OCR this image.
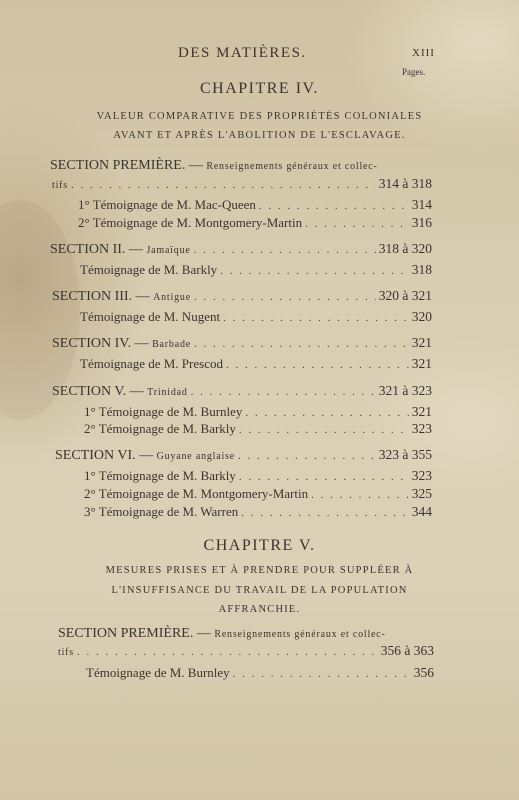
DES MATIÈRES.	XIII
Pages.
CHAPITRE IV.
VALEUR COMPARATIVE DES PROPRIÉTÉS COLONIALES
AVANT ET APRÈS L'ABOLITION DE L'ESCLAVAGE.
SECTION PREMIÈRE. — Renseignements généraux et collec-
tifs . . .	314 à 318
1° Témoignage de M. Mac-Queen . . .	314
2° Témoignage de M. Montgomery-Martin . . .	316
SECTION II. — Jamaïque . . .	318 à 320
Témoignage de M. Barkly . . .	318
SECTION III. — Antigue . . .	320 à 321
Témoignage de M. Nugent . . .	320
SECTION IV. — Barbade . . .	321
Témoignage de M. Prescod . . .	321
SECTION V. — Trinidad . . .	321 à 323
1° Témoignage de M. Burnley . . .	321
2° Témoignage de M. Barkly . . .	323
SECTION VI. — Guyane anglaise . . .	323 à 355
1° Témoignage de M. Barkly . . .	323
2° Témoignage de M. Montgomery-Martin . . .	325
3° Témoignage de M. Warren . . .	344
CHAPITRE V.
MESURES PRISES ET À PRENDRE POUR SUPPLÉER À
L'INSUFFISANCE DU TRAVAIL DE LA POPULATION
AFFRANCHIE.
SECTION PREMIÈRE. — Renseignements généraux et collec-
tifs . . .	356 à 363
Témoignage de M. Burnley . . .	356
